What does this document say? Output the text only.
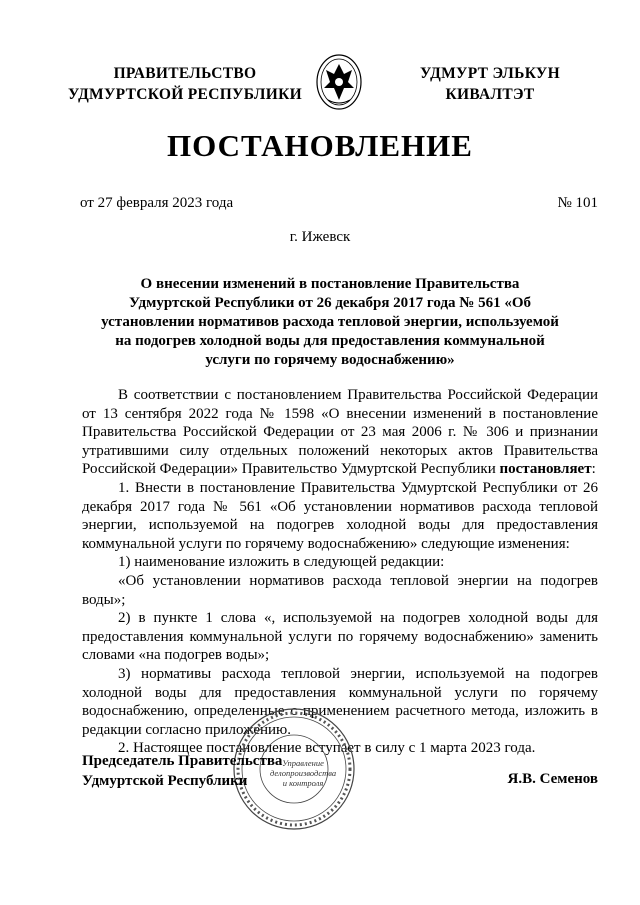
ПРАВИТЕЛЬСТВО
УДМУРТСКОЙ РЕСПУБЛИКИ
УДМУРТ ЭЛЬКУН
КИВАЛТЭТ
ПОСТАНОВЛЕНИЕ
от 27 февраля 2023 года	№ 101
г. Ижевск
О внесении изменений в постановление Правительства Удмуртской Республики от 26 декабря 2017 года № 561 «Об установлении нормативов расхода тепловой энергии, используемой на подогрев холодной воды для предоставления коммунальной услуги по горячему водоснабжению»

В соответствии с постановлением Правительства Российской Федерации от 13 сентября 2022 года № 1598 «О внесении изменений в постановление Правительства Российской Федерации от 23 мая 2006 г. № 306 и признании утратившими силу отдельных положений некоторых актов Правительства Российской Федерации» Правительство Удмуртской Республики постановляет:

1. Внести в постановление Правительства Удмуртской Республики от 26 декабря 2017 года № 561 «Об установлении нормативов расхода тепловой энергии, используемой на подогрев холодной воды для предоставления коммунальной услуги по горячему водоснабжению» следующие изменения:

1) наименование изложить в следующей редакции:

«Об установлении нормативов расхода тепловой энергии на подогрев воды»;

2) в пункте 1 слова «, используемой на подогрев холодной воды для предоставления коммунальной услуги по горячему водоснабжению» заменить словами «на подогрев воды»;

3) нормативы расхода тепловой энергии, используемой на подогрев холодной воды для предоставления коммунальной услуги по горячему водоснабжению, определенные с применением расчетного метода, изложить в редакции согласно приложению.

2. Настоящее постановление вступает в силу с 1 марта 2023 года.

Управление
делопроизводства
и контроля
Председатель Правительства
Удмуртской Республики	Я.В. Семенов
